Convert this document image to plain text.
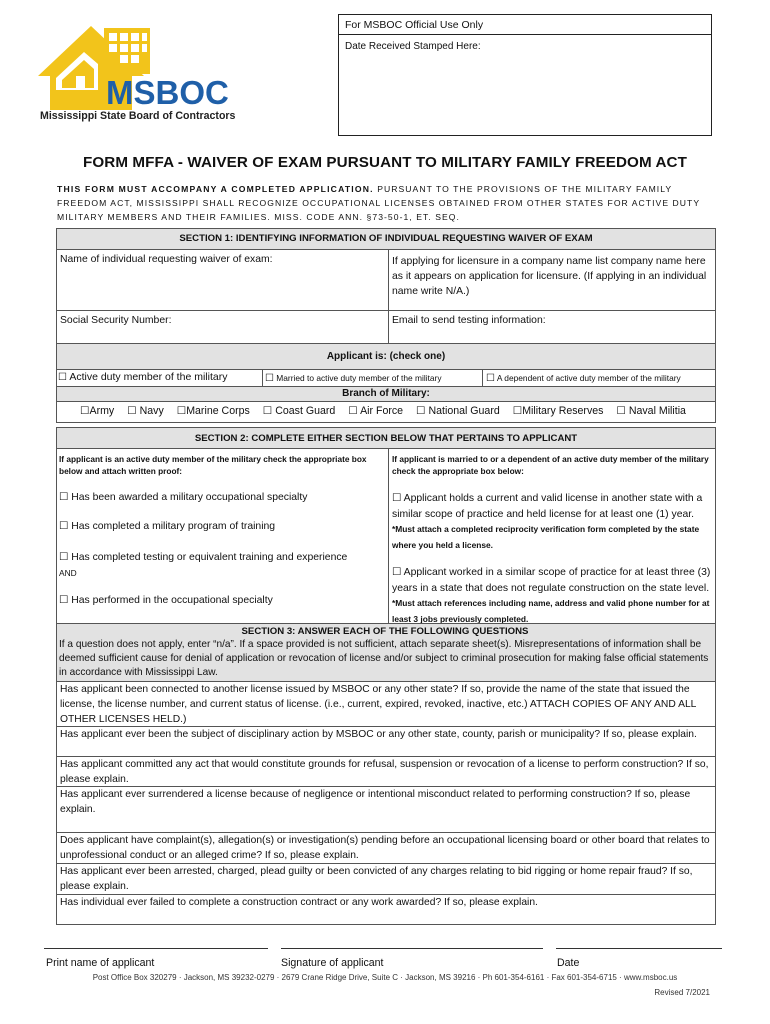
MSBOC
Mississippi State Board of Contractors
For MSBOC Official Use Only
Date Received Stamped Here:
FORM MFFA - WAIVER OF EXAM PURSUANT TO MILITARY FAMILY FREEDOM ACT
THIS FORM MUST ACCOMPANY A COMPLETED APPLICATION. PURSUANT TO THE PROVISIONS OF THE MILITARY FAMILY FREEDOM ACT, MISSISSIPPI SHALL RECOGNIZE OCCUPATIONAL LICENSES OBTAINED FROM OTHER STATES FOR ACTIVE DUTY MILITARY MEMBERS AND THEIR FAMILIES. MISS. CODE ANN. §73-50-1, ET. SEQ.
SECTION 1: IDENTIFYING INFORMATION OF INDIVIDUAL REQUESTING WAIVER OF EXAM
Name of individual requesting waiver of exam:	If applying for licensure in a company name list company name here as it appears on application for licensure. (If applying in an individual name write N/A.)
Social Security Number:	Email to send testing information:
Applicant is: (check one)
☐ Active duty member of the military	☐ Married to active duty member of the military	☐ A dependent of active duty member of the military
Branch of Military:
☐Army ☐ Navy ☐Marine Corps ☐ Coast Guard ☐ Air Force ☐ National Guard ☐Military Reserves ☐ Naval Militia
SECTION 2: COMPLETE EITHER SECTION BELOW THAT PERTAINS TO APPLICANT
If applicant is an active duty member of the military check the appropriate box below and attach written proof:
If applicant is married to or a dependent of an active duty member of the military check the appropriate box below:
☐ Has been awarded a military occupational specialty
☐ Has completed a military program of training
☐ Has completed testing or equivalent training and experience
AND
☐ Has performed in the occupational specialty
☐ Applicant holds a current and valid license in another state with a similar scope of practice and held license for at least one (1) year. *Must attach a completed reciprocity verification form completed by the state where you held a license.
☐ Applicant worked in a similar scope of practice for at least three (3) years in a state that does not regulate construction on the state level. *Must attach references including name, address and valid phone number for at least 3 jobs previously completed.
SECTION 3: ANSWER EACH OF THE FOLLOWING QUESTIONS
If a question does not apply, enter “n/a”. If a space provided is not sufficient, attach separate sheet(s). Misrepresentations of information shall be deemed sufficient cause for denial of application or revocation of license and/or subject to criminal prosecution for making false official statements in accordance with Mississippi Law.
Has applicant been connected to another license issued by MSBOC or any other state? If so, provide the name of the state that issued the license, the license number, and current status of license. (i.e., current, expired, revoked, inactive, etc.) ATTACH COPIES OF ANY AND ALL OTHER LICENSES HELD.)
Has applicant ever been the subject of disciplinary action by MSBOC or any other state, county, parish or municipality? If so, please explain.
Has applicant committed any act that would constitute grounds for refusal, suspension or revocation of a license to perform construction? If so, please explain.
Has applicant ever surrendered a license because of negligence or intentional misconduct related to performing construction? If so, please explain.
Does applicant have complaint(s), allegation(s) or investigation(s) pending before an occupational licensing board or other board that relates to unprofessional conduct or an alleged crime? If so, please explain.
Has applicant ever been arrested, charged, plead guilty or been convicted of any charges relating to bid rigging or home repair fraud? If so, please explain.
Has individual ever failed to complete a construction contract or any work awarded? If so, please explain.
Print name of applicant	Signature of applicant	Date
Post Office Box 320279 · Jackson, MS 39232-0279 · 2679 Crane Ridge Drive, Suite C · Jackson, MS 39216 · Ph 601-354-6161 · Fax 601-354-6715 · www.msboc.us
Revised 7/2021
